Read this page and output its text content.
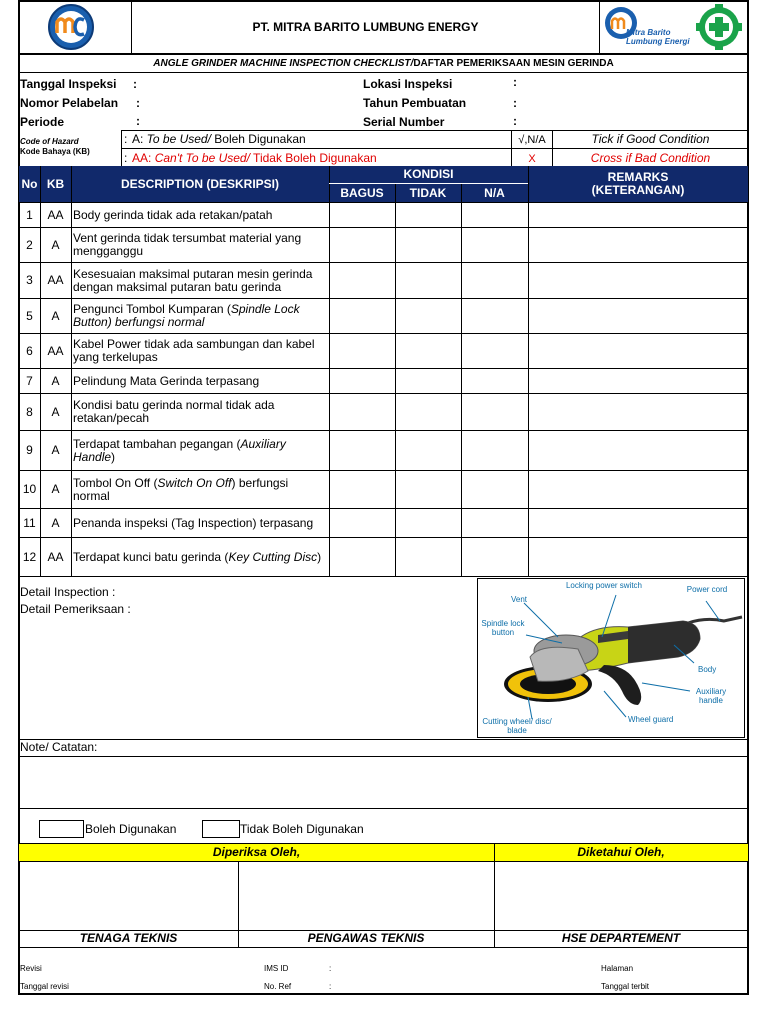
PT. MITRA BARITO LUMBUNG ENERGY	Mitra Barito
Lumbung Energi
ANGLE GRINDER MACHINE INSPECTION CHECKLIST/ DAFTAR PEMERIKSAAN MESIN GERINDA
Tanggal Inspeksi :
Nomor Pelabelan :
Periode	:
Lokasi Inspeksi	:
Tahun Pembuatan	:
Serial Number	:
Code of Hazard
Kode Bahaya (KB)
: A: To be Used/ Boleh Digunakan
: AA: Can't To be Used/ Tidak Boleh Digunakan
√,N/A	Tick if Good Condition
X	Cross if Bad Condition
No KB	DESCRIPTION (DESKRIPSI)
KONDISI
BAGUS	TIDAK	N/A
REMARKS
(KETERANGAN)
1	AA Body gerinda tidak ada retakan/patah
2	A	Vent gerinda tidak tersumbat material yang mengganggu
3	AA Kesesuaian maksimal putaran mesin gerinda dengan maksimal putaran batu gerinda
5	A	Pengunci Tombol Kumparan (Spindle Lock Button) berfungsi normal
6	AA Kabel Power tidak ada sambungan dan kabel yang terkelupas
7	A	Pelindung Mata Gerinda terpasang
8	A	Kondisi batu gerinda normal tidak ada retakan/pecah
9	A	Terdapat tambahan pegangan (Auxiliary Handle)
10	A	Tombol On Off (Switch On Off) berfungsi normal
11	A	Penanda inspeksi (Tag Inspection) terpasang
12 AA Terdapat kunci batu gerinda (Key Cutting Disc)
Detail Inspection :
Detail Pemeriksaan :
Locking power switch	Power cord
Vent
Spindle lock button
Body
Auxiliary handle
Wheel guard
Cutting wheel/ disc/ blade
Note/ Catatan:
Boleh Digunakan	Tidak Boleh Digunakan
Diperiksa Oleh,	Diketahui Oleh,
TENAGA TEKNIS	PENGAWAS TEKNIS	HSE DEPARTEMENT
Revisi
Tanggal revisi
IMS ID	:
No. Ref	:
Halaman
Tanggal terbit
